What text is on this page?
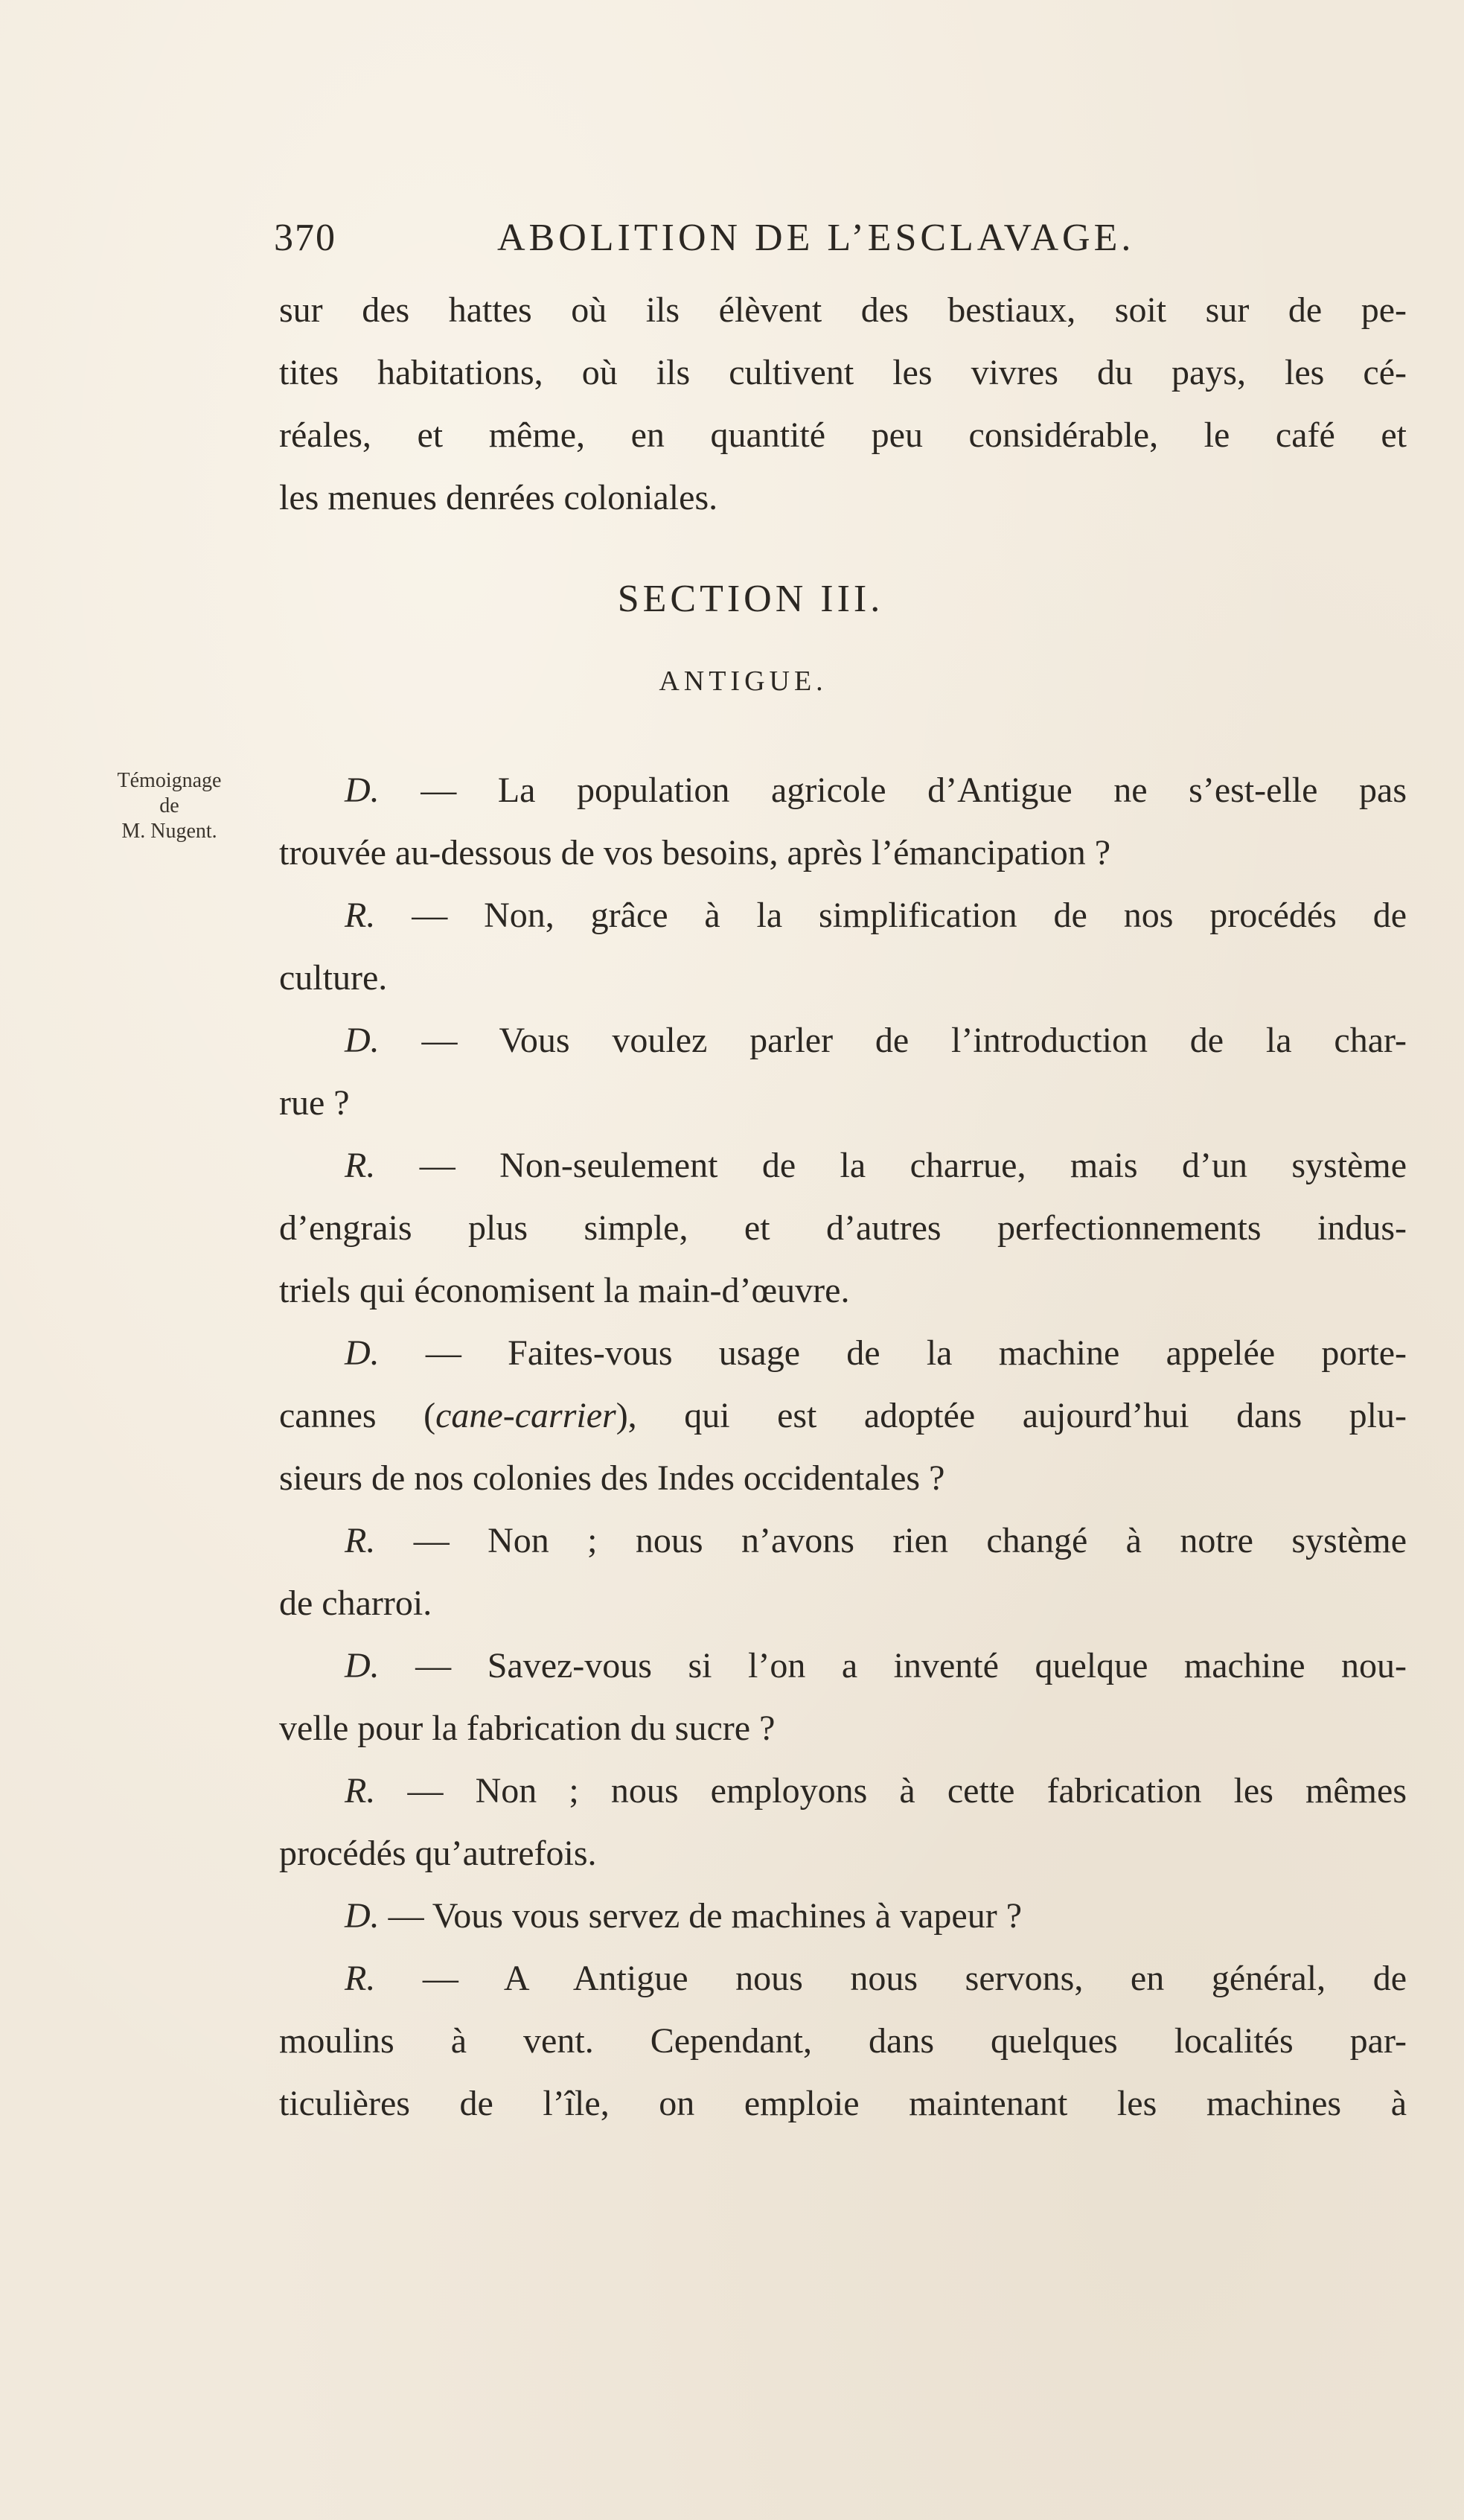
370	ABOLITION DE L’ESCLAVAGE.
sur des hattes où ils élèvent des bestiaux, soit sur de pe-
tites habitations, où ils cultivent les vivres du pays, les cé-
réales, et même, en quantité peu considérable, le café et
les menues denrées coloniales.
SECTION III.
ANTIGUE.
Témoignage
de
M. Nugent.
D. — La population agricole d’Antigue ne s’est-elle pas
trouvée au-dessous de vos besoins, après l’émancipation ?
R. — Non, grâce à la simplification de nos procédés de
culture.
D. — Vous voulez parler de l’introduction de la char-
rue ?
R. — Non-seulement de la charrue, mais d’un système
d’engrais plus simple, et d’autres perfectionnements indus-
triels qui économisent la main-d’œuvre.
D. — Faites-vous usage de la machine appelée porte-
cannes (cane-carrier), qui est adoptée aujourd’hui dans plu-
sieurs de nos colonies des Indes occidentales ?
R. — Non ; nous n’avons rien changé à notre système
de charroi.
D. — Savez-vous si l’on a inventé quelque machine nou-
velle pour la fabrication du sucre ?
R. — Non ; nous employons à cette fabrication les mêmes
procédés qu’autrefois.
D. — Vous vous servez de machines à vapeur ?
R. — A Antigue nous nous servons, en général, de
moulins à vent. Cependant, dans quelques localités par-
ticulières de l’île, on emploie maintenant les machines à
